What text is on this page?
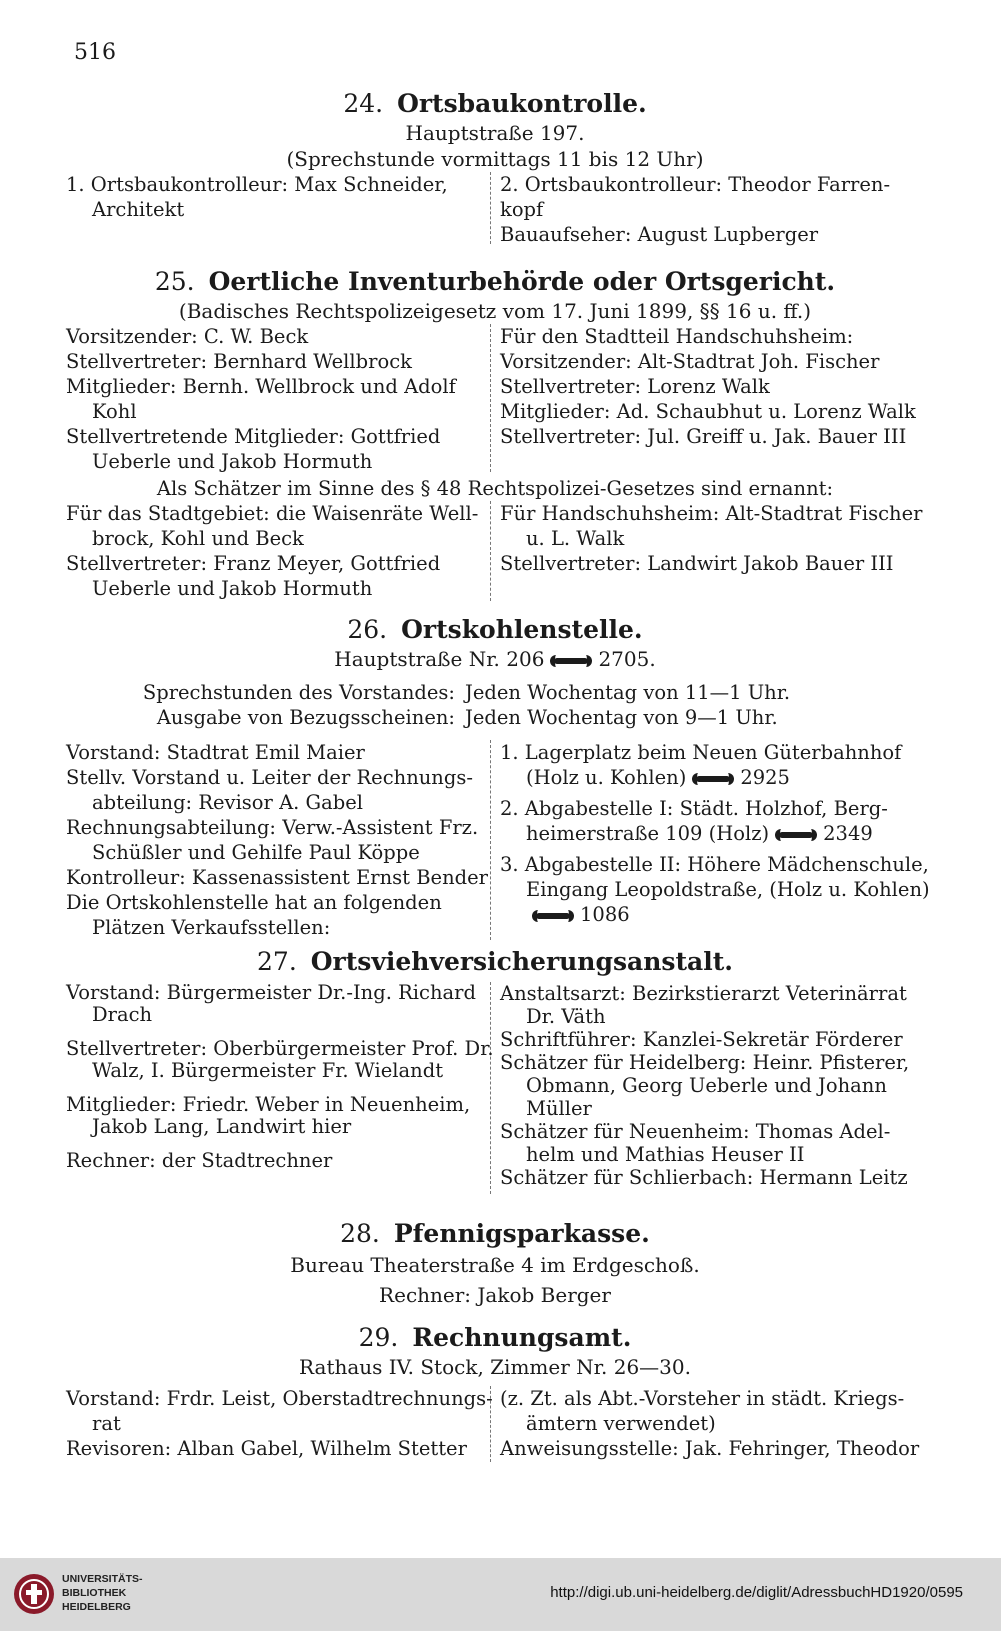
516
24. Ortsbaukontrolle.
Hauptstraße 197.
(Sprechstunde vormittags 11 bis 12 Uhr)
1. Ortsbaukontrolleur: Max Schneider,
Architekt
2. Ortsbaukontrolleur: Theodor Farren-
kopf
Bauaufseher: August Lupberger
25. Oertliche Inventurbehörde oder Ortsgericht.
(Badisches Rechtspolizeigesetz vom 17. Juni 1899, §§ 16 u. ff.)
Vorsitzender: C. W. Beck
Stellvertreter: Bernhard Wellbrock
Mitglieder: Bernh. Wellbrock und Adolf
Kohl
Stellvertretende Mitglieder: Gottfried
Ueberle und Jakob Hormuth
Für den Stadtteil Handschuhsheim:
Vorsitzender: Alt-Stadtrat Joh. Fischer
Stellvertreter: Lorenz Walk
Mitglieder: Ad. Schaubhut u. Lorenz Walk
Stellvertreter: Jul. Greiff u. Jak. Bauer III
Als Schätzer im Sinne des § 48 Rechtspolizei-Gesetzes sind ernannt:
Für das Stadtgebiet: die Waisenräte Well-
brock, Kohl und Beck
Stellvertreter: Franz Meyer, Gottfried
Ueberle und Jakob Hormuth
Für Handschuhsheim: Alt-Stadtrat Fischer
u. L. Walk
Stellvertreter: Landwirt Jakob Bauer III
26. Ortskohlenstelle.
Hauptstraße Nr. 206	2705.
Sprechstunden des Vorstandes: Jeden Wochentag von 11—1 Uhr.
Ausgabe von Bezugsscheinen: Jeden Wochentag von 9—1 Uhr.
Vorstand: Stadtrat Emil Maier
Stellv. Vorstand u. Leiter der Rechnungs-
abteilung: Revisor A. Gabel
Rechnungsabteilung: Verw.-Assistent Frz.
Schüßler und Gehilfe Paul Köppe
Kontrolleur: Kassenassistent Ernst Bender
Die Ortskohlenstelle hat an folgenden
Plätzen Verkaufsstellen:
1. Lagerplatz beim Neuen Güterbahnhof
(Holz u. Kohlen)	2925
2. Abgabestelle I: Städt. Holzhof, Berg-
heimerstraße 109 (Holz)	2349
3. Abgabestelle II: Höhere Mädchenschule,
Eingang Leopoldstraße, (Holz u. Kohlen)
1086
27. Ortsviehversicherungsanstalt.
Vorstand: Bürgermeister Dr.-Ing. Richard
Drach
Stellvertreter: Oberbürgermeister Prof. Dr.
Walz, I. Bürgermeister Fr. Wielandt
Mitglieder: Friedr. Weber in Neuenheim,
Jakob Lang, Landwirt hier
Rechner: der Stadtrechner
Anstaltsarzt: Bezirkstierarzt Veterinärrat
Dr. Väth
Schriftführer: Kanzlei-Sekretär Förderer
Schätzer für Heidelberg: Heinr. Pfisterer,
Obmann, Georg Ueberle und Johann
Müller
Schätzer für Neuenheim: Thomas Adel-
helm und Mathias Heuser II
Schätzer für Schlierbach: Hermann Leitz
28. Pfennigsparkasse.
Bureau Theaterstraße 4 im Erdgeschoß.
Rechner: Jakob Berger
29. Rechnungsamt.
Rathaus IV. Stock, Zimmer Nr. 26—30.
Vorstand: Frdr. Leist, Oberstadtrechnungs-
rat
Revisoren: Alban Gabel, Wilhelm Stetter
(z. Zt. als Abt.-Vorsteher in städt. Kriegs-
ämtern verwendet)
Anweisungsstelle: Jak. Fehringer, Theodor
UNIVERSITÄTS-
BIBLIOTHEK
HEIDELBERG
http://digi.ub.uni-heidelberg.de/diglit/AdressbuchHD1920/0595
